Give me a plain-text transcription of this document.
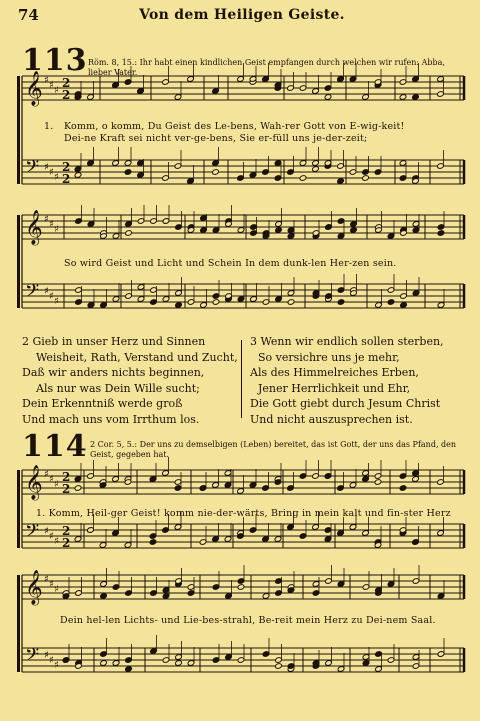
74	Von dem Heiligen Geiste.
𝄞
𝄢
♯
♯
♯
♯
♯
♯
2
2
2
2
𝄞
𝄢
♯
♯
♯
♯
♯
♯
𝄞
𝄢
♯
♯
♯
♯
♯
♯
2
2
2
2
𝄞
𝄢
♯
♯
♯
♯
♯
♯
113 Röm. 8, 15.: Ihr habt einen kindlichen Geist empfangen durch welchen wir rufen: Abba, lieber Vater.
1. Komm, o komm, Du Geist des Le-bens, Wah-rer Gott von E-wig-keit!
Dei-ne Kraft sei nicht ver-ge-bens, Sie er-füll uns je-der-zeit;
So wird Geist und Licht und Schein In dem dunk-len Her-zen sein.
2 Gieb in unser Herz und Sinnen
Weisheit, Rath, Verstand und Zucht,
Daß wir anders nichts beginnen,
Als nur was Dein Wille sucht;
Dein Erkenntniß werde groß
Und mach uns vom Irrthum los.
3 Wenn wir endlich sollen sterben,
So versichre uns je mehr,
Als des Himmelreiches Erben,
Jener Herrlichkeit und Ehr,
Die Gott giebt durch Jesum Christ
Und nicht auszusprechen ist.
114 2 Cor. 5, 5.: Der uns zu demselbigen (Leben) bereitet, das ist Gott, der uns das Pfand, den Geist, gegeben hat.
1. Komm, Heil-ger Geist! komm nie-der-wärts, Bring in mein kalt und fin-ster Herz
Dein hel-len Lichts- und Lie-bes-strahl, Be-reit mein Herz zu Dei-nem Saal.
